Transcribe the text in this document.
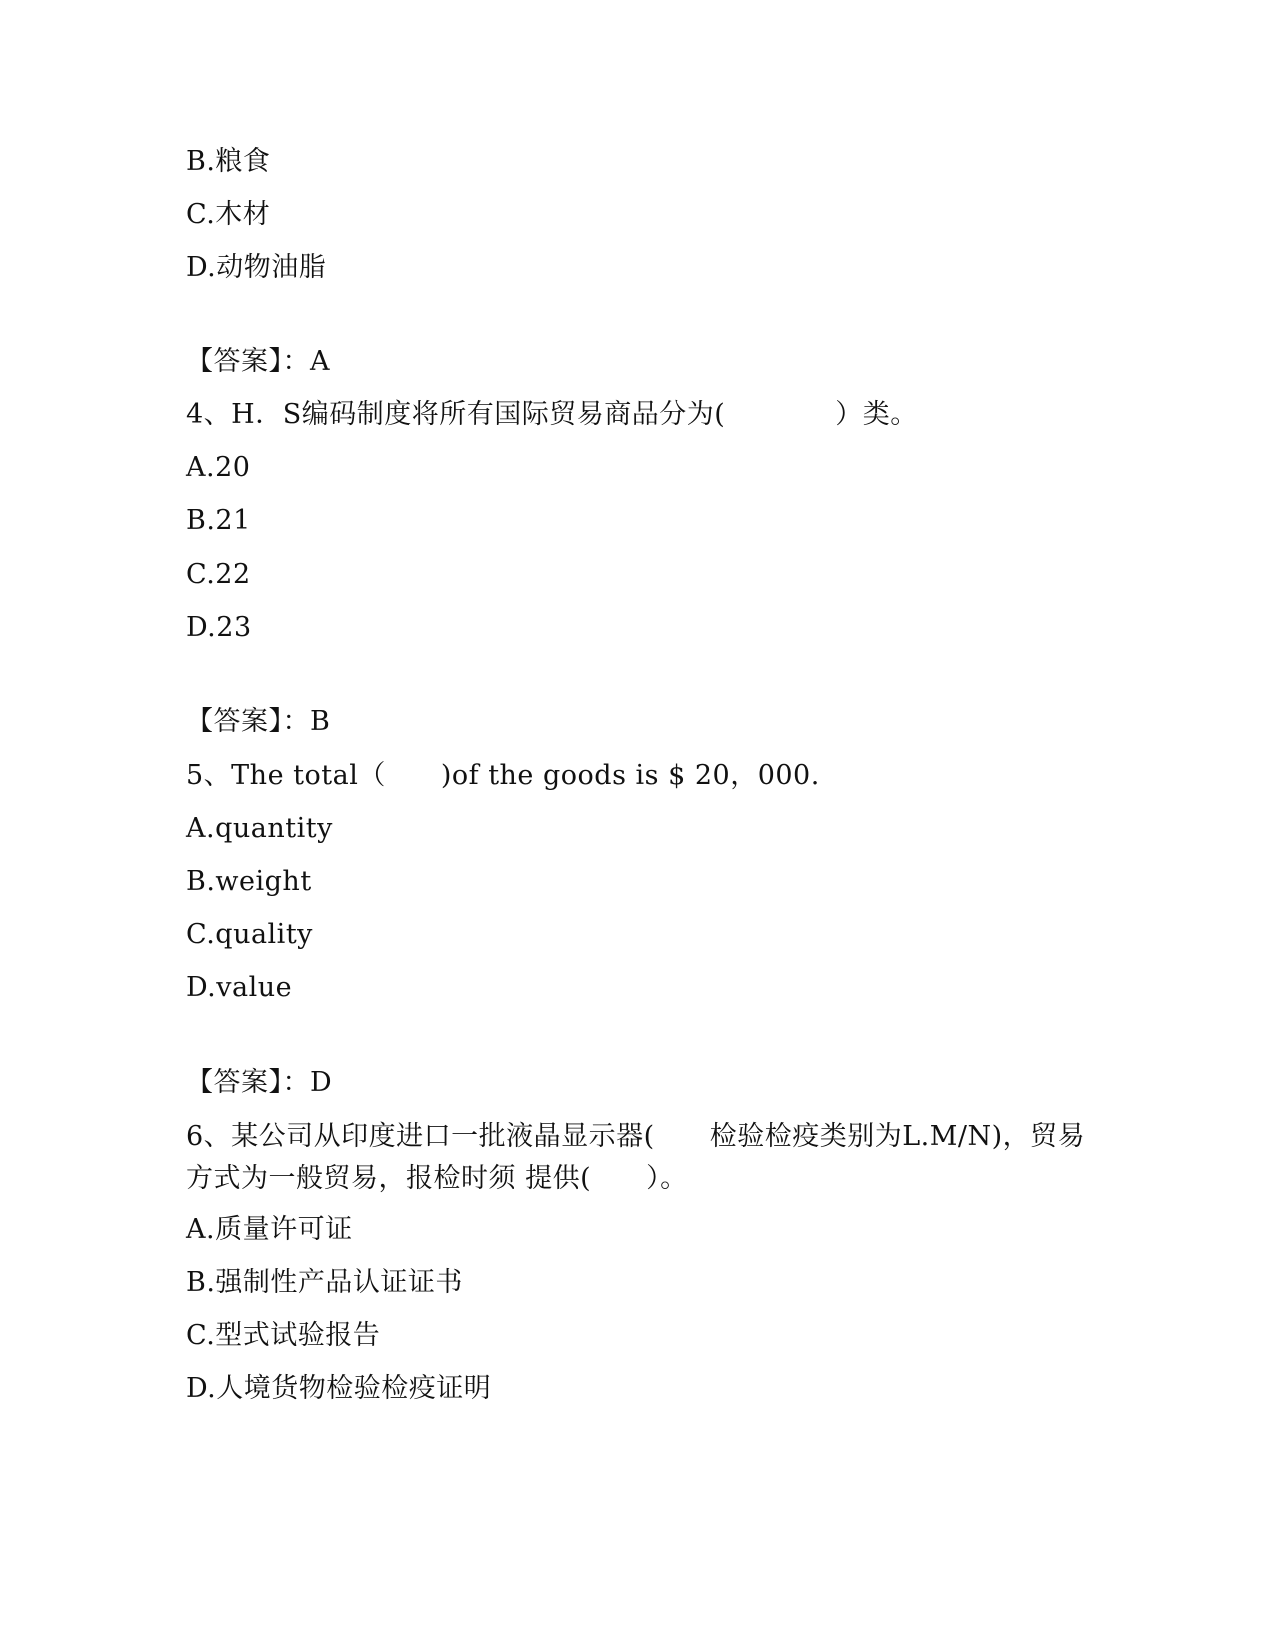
B.粮食
C.木材
D.动物油脂
【答案】：A
4、H．S编码制度将所有国际贸易商品分为(　　　　）类。
A.20
B.21
C.22
D.23
【答案】：B
5、The total（　　)of the goods is $ 20，000.
A.quantity
B.weight
C.quality
D.value
【答案】：D
6、某公司从印度进口一批液晶显示器(　　检验检疫类别为L.M/N)，贸易方式为一般贸易，报检时须 提供(　　）。
A.质量许可证
B.强制性产品认证证书
C.型式试验报告
D.人境货物检验检疫证明
